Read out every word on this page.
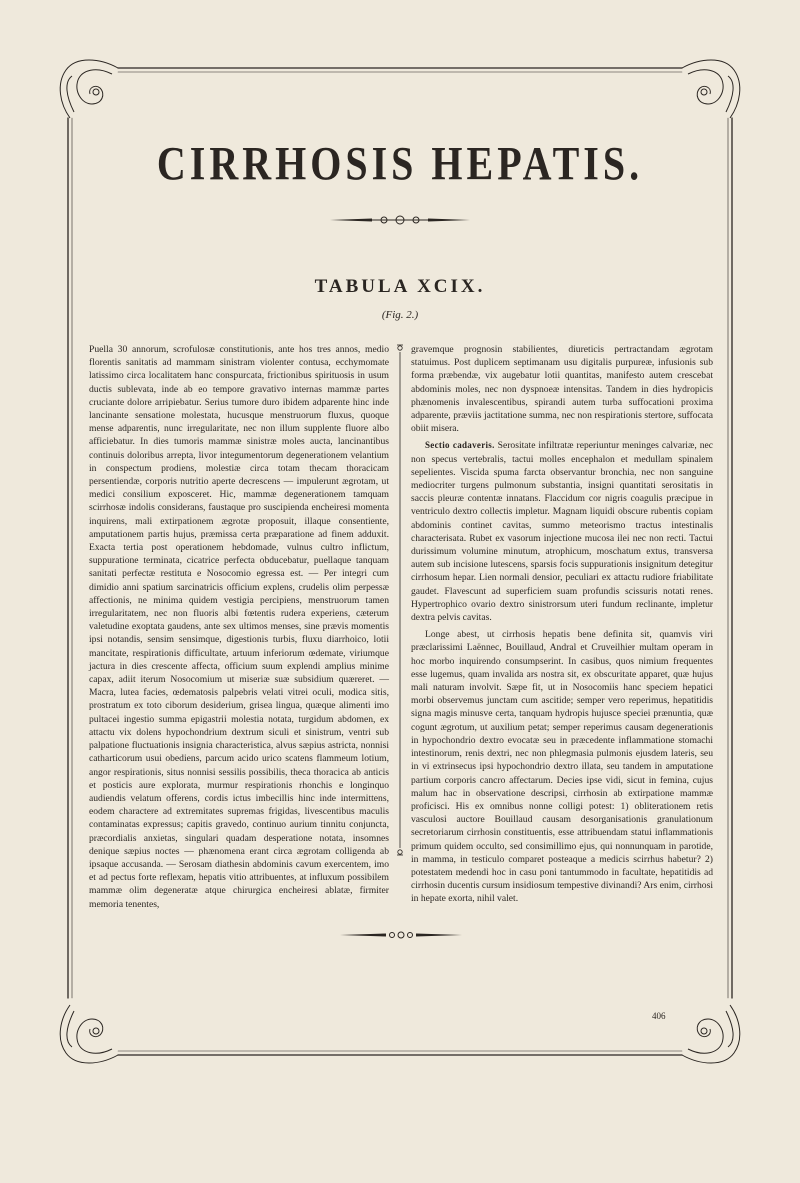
CIRRHOSIS HEPATIS.
TABULA XCIX.

(Fig. 2.)

Puella 30 annorum, scrofulosæ constitutionis, ante hos tres annos, medio florentis sanitatis ad mammam sinistram violenter contusa, ecchymomate latissimo circa localitatem hanc conspurcata, frictionibus spirituosis in usum ductis sublevata, inde ab eo tempore gravativo internas mammæ partes cruciante dolore arripiebatur. Serius tumore duro ibidem adparente hinc inde lancinante sensatione molestata, hucusque menstruorum fluxus, quoque mense adparentis, nunc irregularitate, nec non illum supplente fluore albo afficiebatur. In dies tumoris mammæ sinistræ moles aucta, lancinantibus continuis doloribus arrepta, livor integumentorum degenerationem velantium in conspectum prodiens, molestiæ circa totam thecam thoracicam persentiendæ, corporis nutritio aperte decrescens — impulerunt ægrotam, ut medici consilium exposceret. Hic, mammæ degenerationem tamquam scirrhosæ indolis considerans, faustaque pro suscipienda encheiresi momenta inquirens, mali extirpationem ægrotæ proposuit, illaque consentiente, amputationem partis hujus, præmissa certa præparatione ad finem adduxit. Exacta tertia post operationem hebdomade, vulnus cultro inflictum, suppuratione terminata, cicatrice perfecta obducebatur, puellaque tanquam sanitati perfectæ restituta e Nosocomio egressa est. — Per integri cum dimidio anni spatium sarcinatricis officium explens, crudelis olim perpessæ affectionis, ne minima quidem vestigia percipiens, menstruorum tamen irregularitatem, nec non fluoris albi fœtentis rudera experiens, cæterum valetudine exoptata gaudens, ante sex ultimos menses, sine prævis momentis ipsi notandis, sensim sensimque, digestionis turbis, fluxu diarrhoico, lotii mancitate, respirationis difficultate, artuum inferiorum œdemate, viriumque jactura in dies crescente affecta, officium suum explendi amplius minime capax, adiit iterum Nosocomium ut miseriæ suæ subsidium quæreret. — Macra, lutea facies, œdematosis palpebris velati vitrei oculi, modica sitis, prostratum ex toto ciborum desiderium, grisea lingua, quæque alimenti imo pultacei ingestio summa epigastrii molestia notata, turgidum abdomen, ex attactu vix dolens hypochondrium dextrum siculi et sinistrum, ventri sub palpatione fluctuationis insignia characteristica, alvus sæpius astricta, nonnisi catharticorum usui obediens, parcum acido urico scatens flammeum lotium, angor respirationis, situs nonnisi sessilis possibilis, theca thoracica ab anticis et posticis aure explorata, murmur respirationis rhonchis e longinquo audiendis velatum offerens, cordis ictus imbecillis hinc inde intermittens, eodem charactere ad extremitates supremas frigidas, livescentibus maculis contaminatas expressus; capitis gravedo, continuo aurium tinnitu conjuncta, præcordialis anxietas, singulari quadam desperatione notata, insomnes denique sæpius noctes — phænomena erant circa ægrotam colligenda ab ipsaque accusanda. — Serosam diathesin abdominis cavum exercentem, imo et ad pectus forte reflexam, hepatis vitio attribuentes, at influxum possibilem mammæ olim degeneratæ atque chirurgica encheiresi ablatæ, firmiter memoria tenentes,

gravemque prognosin stabilientes, diureticis pertractandam ægrotam statuimus. Post duplicem septimanam usu digitalis purpureæ, infusionis sub forma præbendæ, vix augebatur lotii quantitas, manifesto autem crescebat abdominis moles, nec non dyspnoeæ intensitas. Tandem in dies hydropicis phænomenis invalescentibus, spirandi autem turba suffocationi proxima adparente, præviis jactitatione summa, nec non respirationis stertore, suffocata obiit misera.

Sectio cadaveris. Serositate infiltratæ reperiuntur meninges calvariæ, nec non specus vertebralis, tactui molles encephalon et medullam spinalem sepelientes. Viscida spuma farcta observantur bronchia, nec non sanguine mediocriter turgens pulmonum substantia, insigni quantitati serositatis in saccis pleuræ contentæ innatans. Flaccidum cor nigris coagulis præcipue in ventriculo dextro collectis impletur. Magnam liquidi obscure rubentis copiam abdominis continet cavitas, summo meteorismo tractus intestinalis characterisata. Rubet ex vasorum injectione mucosa ilei nec non recti. Tactui durissimum volumine minutum, atrophicum, moschatum extus, transversa autem sub incisione lutescens, sparsis focis suppurationis insignitum detegitur cirrhosum hepar. Lien normali densior, peculiari ex attactu rudiore friabilitate gaudet. Flavescunt ad superficiem suam profundis scissuris notati renes. Hypertrophico ovario dextro sinistrorsum uteri fundum reclinante, impletur dextra pelvis cavitas.

Longe abest, ut cirrhosis hepatis bene definita sit, quamvis viri præclarissimi Laënnec, Bouillaud, Andral et Cruveilhier multam operam in hoc morbo inquirendo consumpserint. In casibus, quos nimium frequentes esse lugemus, quam invalida ars nostra sit, ex obscuritate apparet, quæ hujus mali naturam involvit. Sæpe fit, ut in Nosocomiis hanc speciem hepatici morbi observemus junctam cum ascitide; semper vero reperimus, hepatitidis signa magis minusve certa, tanquam hydropis hujusce speciei prænuntia, quæ cogunt ægrotum, ut auxilium petat; semper reperimus causam degenerationis in hypochondrio dextro evocatæ seu in præcedente inflammatione stomachi intestinorum, renis dextri, nec non phlegmasia pulmonis ejusdem lateris, seu in vi extrinsecus ipsi hypochondrio dextro illata, seu tandem in amputatione partium corporis cancro affectarum. Decies ipse vidi, sicut in femina, cujus malum hac in observatione descripsi, cirrhosin ab extirpatione mammæ proficisci. His ex omnibus nonne colligi potest: 1) obliterationem retis vasculosi auctore Bouillaud causam desorganisationis granulationum secretoriarum cirrhosin constituentis, esse attribuendam statui inflammationis primum quidem occulto, sed consimillimo ejus, qui nonnunquam in parotide, in mamma, in testiculo comparet posteaque a medicis scirrhus habetur? 2) potestatem medendi hoc in casu poni tantummodo in facultate, hepatitidis ad cirrhosin ducentis cursum insidiosum tempestive divinandi? Ars enim, cirrhosi in hepate exorta, nihil valet.

406
